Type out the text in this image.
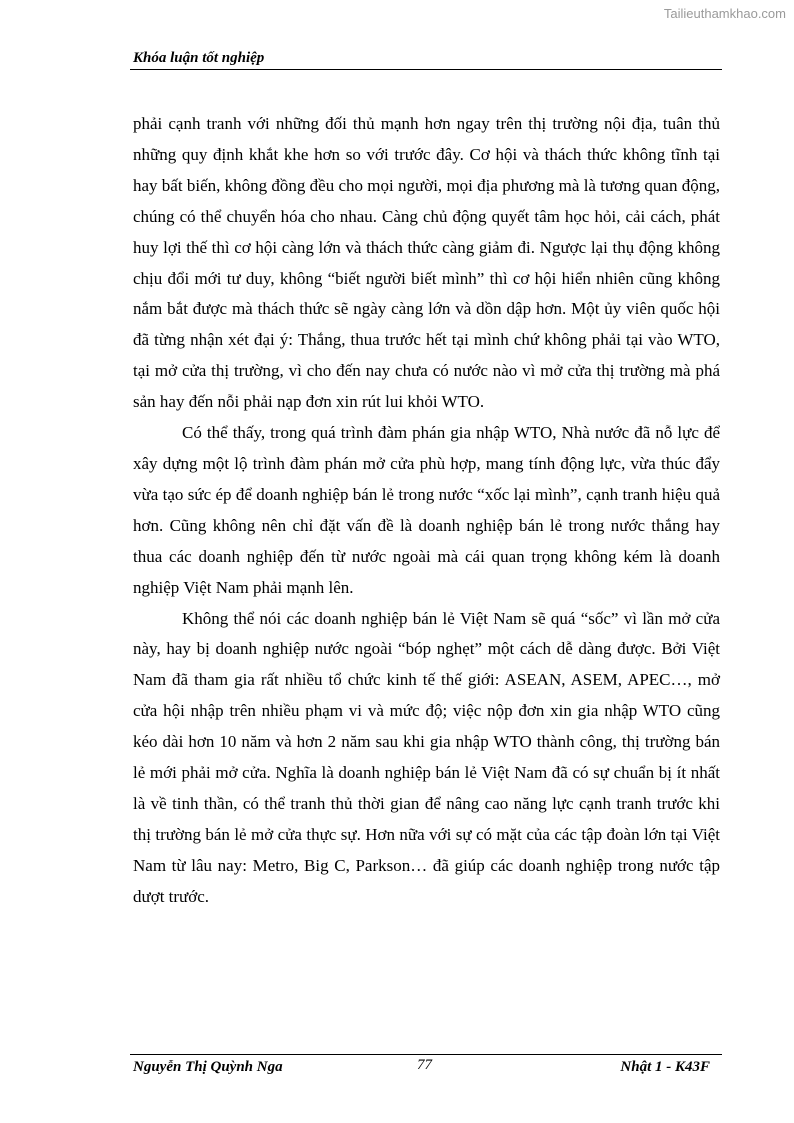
Tailieuthamkhao.com
Khóa luận tốt nghiệp

phải cạnh tranh với những đối thủ mạnh hơn ngay trên thị trường nội địa, tuân thủ những quy định khắt khe hơn so với trước đây. Cơ hội và thách thức không tĩnh tại hay bất biến, không đồng đều cho mọi người, mọi địa phương mà là tương quan động, chúng có thể chuyển hóa cho nhau. Càng chủ động quyết tâm học hỏi, cải cách, phát huy lợi thế thì cơ hội càng lớn và thách thức càng giảm đi. Ngược lại thụ động không chịu đổi mới tư duy, không “biết người biết mình” thì cơ hội hiển nhiên cũng không nắm bắt được mà thách thức sẽ ngày càng lớn và dồn dập hơn. Một ủy viên quốc hội đã từng nhận xét đại ý: Thắng, thua trước hết tại mình chứ không phải tại vào WTO, tại mở cửa thị trường, vì cho đến nay chưa có nước nào vì mở cửa thị trường mà phá sản hay đến nỗi phải nạp đơn xin rút lui khỏi WTO.

Có thể thấy, trong quá trình đàm phán gia nhập WTO, Nhà nước đã nỗ lực để xây dựng một lộ trình đàm phán mở cửa phù hợp, mang tính động lực, vừa thúc đẩy vừa tạo sức ép để doanh nghiệp bán lẻ trong nước “xốc lại mình”, cạnh tranh hiệu quả hơn. Cũng không nên chỉ đặt vấn đề là doanh nghiệp bán lẻ trong nước thắng hay thua các doanh nghiệp đến từ nước ngoài mà cái quan trọng không kém là doanh nghiệp Việt Nam phải mạnh lên.

Không thể nói các doanh nghiệp bán lẻ Việt Nam sẽ quá “sốc” vì lần mở cửa này, hay bị doanh nghiệp nước ngoài “bóp nghẹt” một cách dễ dàng được. Bởi Việt Nam đã tham gia rất nhiều tổ chức kinh tế thế giới: ASEAN, ASEM, APEC…, mở cửa hội nhập trên nhiều phạm vi và mức độ; việc nộp đơn xin gia nhập WTO cũng kéo dài hơn 10 năm và hơn 2 năm sau khi gia nhập WTO thành công, thị trường bán lẻ mới phải mở cửa. Nghĩa là doanh nghiệp bán lẻ Việt Nam đã có sự chuẩn bị ít nhất là về tinh thần, có thể tranh thủ thời gian để nâng cao năng lực cạnh tranh trước khi thị trường bán lẻ mở cửa thực sự. Hơn nữa với sự có mặt của các tập đoàn lớn tại Việt Nam từ lâu nay: Metro, Big C, Parkson… đã giúp các doanh nghiệp trong nước tập dượt trước.

Nguyễn Thị Quỳnh Nga	77	Nhật 1 - K43F
